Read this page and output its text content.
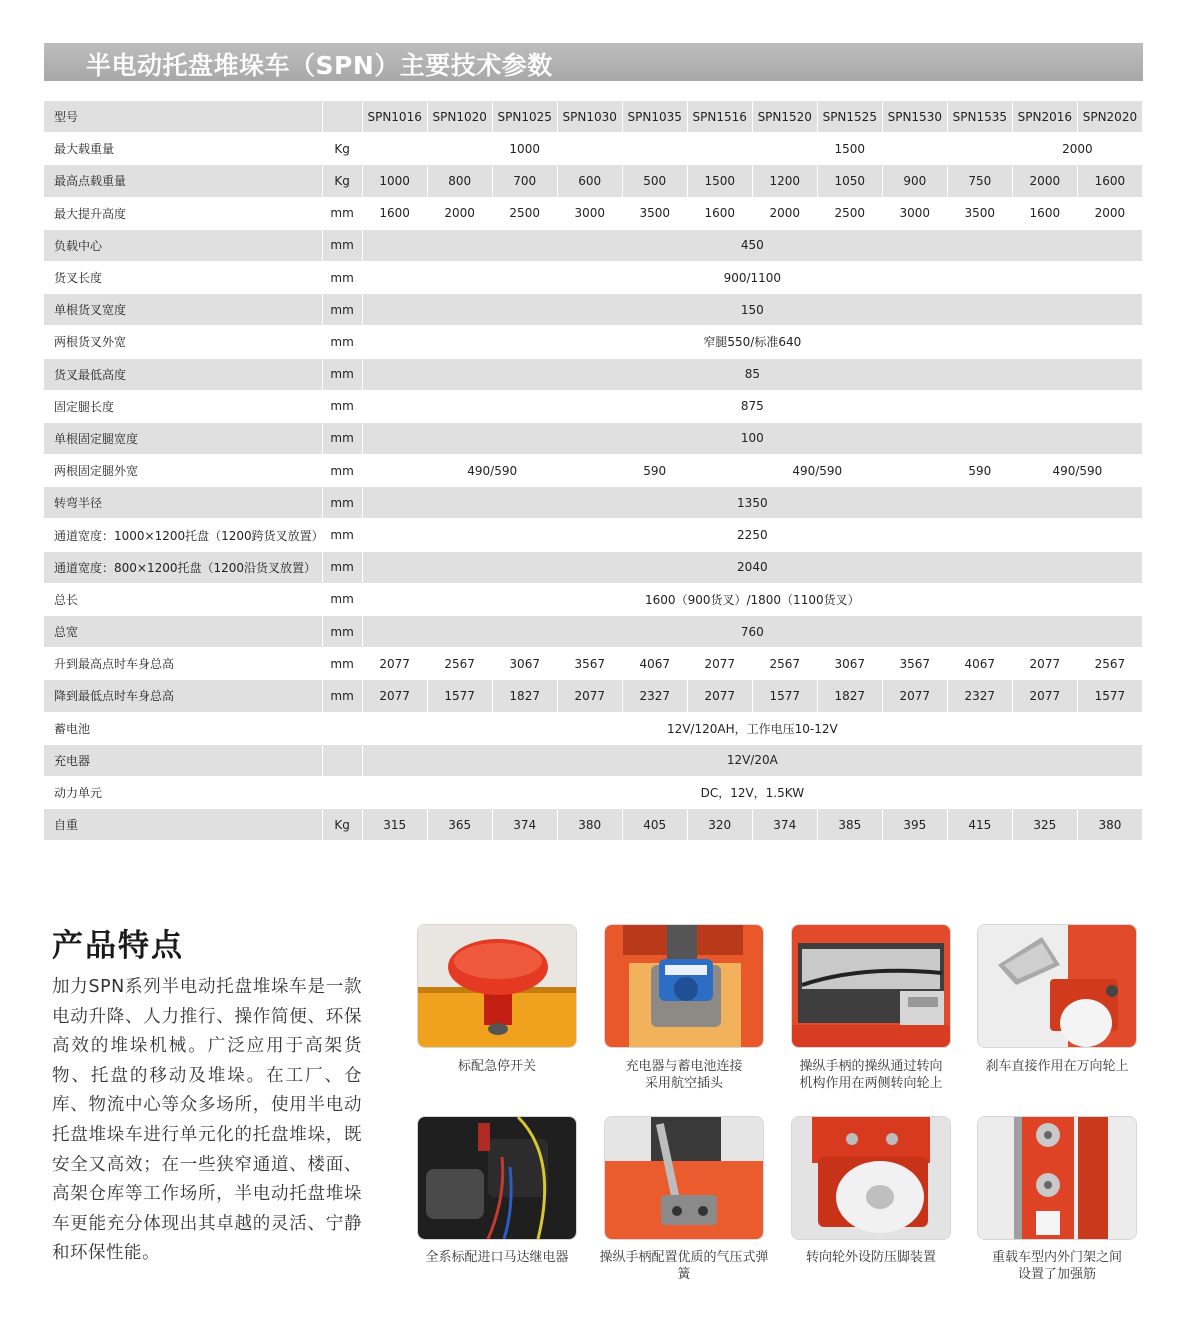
半电动托盘堆垛车（SPN）主要技术参数
型号		SPN1016	SPN1020	SPN1025	SPN1030	SPN1035	SPN1516	SPN1520	SPN1525	SPN1530	SPN1535	SPN2016	SPN2020
最大载重量	Kg	1000					1500					2000	
最高点载重量	Kg	1000	800	700	600	500	1500	1200	1050	900	750	2000	1600
最大提升高度	mm	1600	2000	2500	3000	3500	1600	2000	2500	3000	3500	1600	2000
负载中心	mm	450											
货叉长度	mm	900/1100											
单根货叉宽度	mm	150											
两根货叉外宽	mm	窄腿550/标准640											
货叉最低高度	mm	85											
固定腿长度	mm	875											
单根固定腿宽度	mm	100											
两根固定腿外宽	mm	490/590				590	490/590				590	490/590	
转弯半径	mm	1350											
通道宽度：1000×1200托盘（1200跨货叉放置）	mm	2250											
通道宽度：800×1200托盘（1200沿货叉放置）	mm	2040											
总长	mm	1600（900货叉）/1800（1100货叉）											
总宽	mm	760											
升到最高点时车身总高	mm	2077	2567	3067	3567	4067	2077	2567	3067	3567	4067	2077	2567
降到最低点时车身总高	mm	2077	1577	1827	2077	2327	2077	1577	1827	2077	2327	2077	1577
蓄电池		12V/120AH，工作电压10-12V											
充电器		12V/20A											
动力单元		DC，12V，1.5KW											
自重	Kg	315	365	374	380	405	320	374	385	395	415	325	380
产品特点
加力SPN系列半电动托盘堆垛车是一款电动升降、人力推行、操作简便、环保高效的堆垛机械。广泛应用于高架货物、托盘的移动及堆垛。在工厂、仓库、物流中心等众多场所，使用半电动托盘堆垛车进行单元化的托盘堆垛，既安全又高效；在一些狭窄通道、楼面、高架仓库等工作场所，半电动托盘堆垛车更能充分体现出其卓越的灵活、宁静和环保性能。
标配急停开关	充电器与蓄电池连接
采用航空插头
操纵手柄的操纵通过转向
机构作用在两侧转向轮上
刹车直接作用在万向轮上
全系标配进口马达继电器	操纵手柄配置优质的气压式弹簧
转向轮外设防压脚装置	重载车型内外门架之间
设置了加强筋
